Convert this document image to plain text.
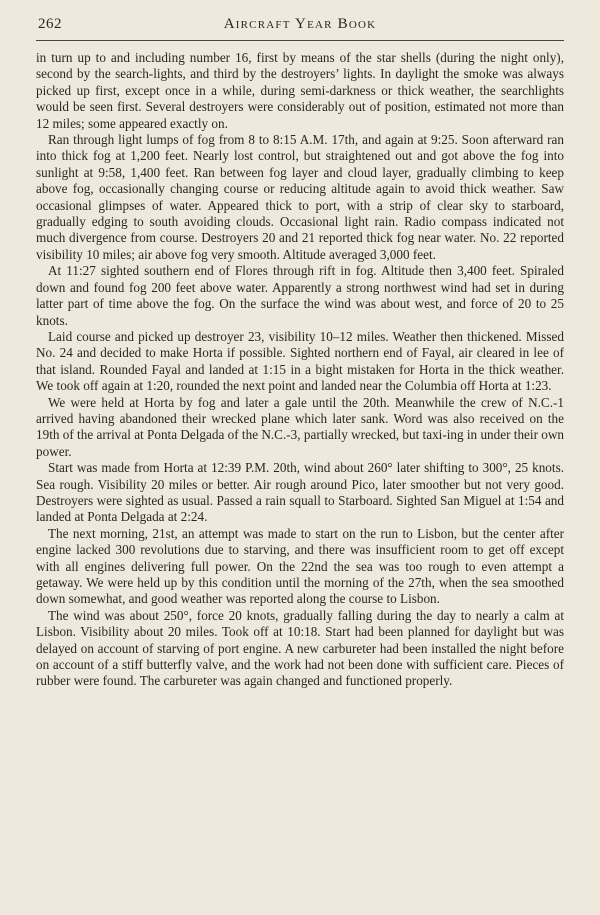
262	Aircraft Year Book

in turn up to and including number 16, first by means of the star shells (during the night only), second by the search-lights, and third by the destroyers’ lights. In daylight the smoke was always picked up first, except once in a while, during semi-darkness or thick weather, the searchlights would be seen first. Several destroyers were considerably out of position, estimated not more than 12 miles; some appeared exactly on.

Ran through light lumps of fog from 8 to 8:15 A.M. 17th, and again at 9:25. Soon afterward ran into thick fog at 1,200 feet. Nearly lost control, but straightened out and got above the fog into sunlight at 9:58, 1,400 feet. Ran between fog layer and cloud layer, gradually climbing to keep above fog, occasionally changing course or reducing altitude again to avoid thick weather. Saw occasional glimpses of water. Appeared thick to port, with a strip of clear sky to starboard, gradually edging to south avoiding clouds. Occasional light rain. Radio compass indicated not much divergence from course. Destroyers 20 and 21 reported thick fog near water. No. 22 reported visibility 10 miles; air above fog very smooth. Altitude averaged 3,000 feet.

At 11:27 sighted southern end of Flores through rift in fog. Altitude then 3,400 feet. Spiraled down and found fog 200 feet above water. Apparently a strong northwest wind had set in during latter part of time above the fog. On the surface the wind was about west, and force of 20 to 25 knots.

Laid course and picked up destroyer 23, visibility 10–12 miles. Weather then thickened. Missed No. 24 and decided to make Horta if possible. Sighted northern end of Fayal, air cleared in lee of that island. Rounded Fayal and landed at 1:15 in a bight mistaken for Horta in the thick weather. We took off again at 1:20, rounded the next point and landed near the Columbia off Horta at 1:23.

We were held at Horta by fog and later a gale until the 20th. Meanwhile the crew of N.C.-1 arrived having abandoned their wrecked plane which later sank. Word was also received on the 19th of the arrival at Ponta Delgada of the N.C.-3, partially wrecked, but taxi-ing in under their own power.

Start was made from Horta at 12:39 P.M. 20th, wind about 260° later shifting to 300°, 25 knots. Sea rough. Visibility 20 miles or better. Air rough around Pico, later smoother but not very good. Destroyers were sighted as usual. Passed a rain squall to Starboard. Sighted San Miguel at 1:54 and landed at Ponta Delgada at 2:24.

The next morning, 21st, an attempt was made to start on the run to Lisbon, but the center after engine lacked 300 revolutions due to starving, and there was insufficient room to get off except with all engines delivering full power. On the 22nd the sea was too rough to even attempt a getaway. We were held up by this condition until the morning of the 27th, when the sea smoothed down somewhat, and good weather was reported along the course to Lisbon.

The wind was about 250°, force 20 knots, gradually falling during the day to nearly a calm at Lisbon. Visibility about 20 miles. Took off at 10:18. Start had been planned for daylight but was delayed on account of starving of port engine. A new carbureter had been installed the night before on account of a stiff butterfly valve, and the work had not been done with sufficient care. Pieces of rubber were found. The carbureter was again changed and functioned properly.
